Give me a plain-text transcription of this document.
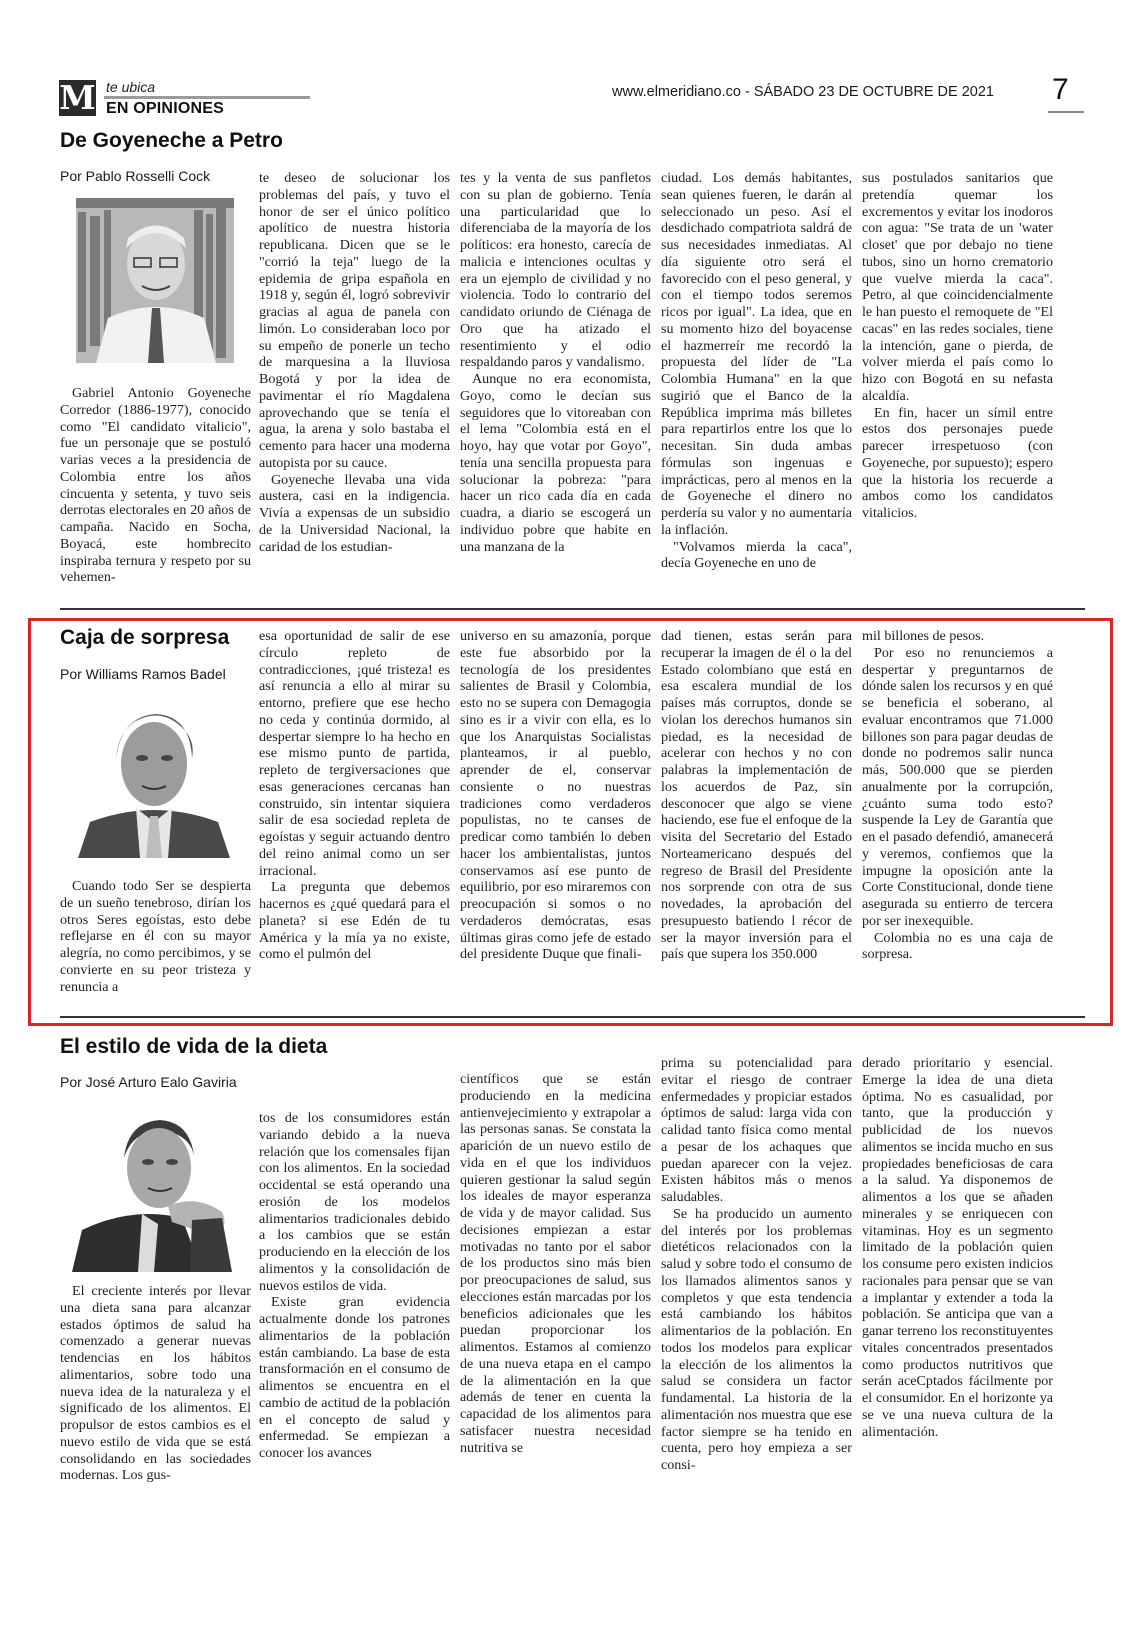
M te ubica
EN OPINIONES
www.elmeridiano.co - SÁBADO 23 DE OCTUBRE DE 2021 7
De Goyeneche a Petro
Por Pablo Rosselli Cock

Gabriel Antonio Goyeneche Corredor (1886-1977), conocido como "El candidato vitalicio", fue un personaje que se postuló varias veces a la presidencia de Colombia entre los años cincuenta y setenta, y tuvo seis derrotas electorales en 20 años de campaña. Nacido en Socha, Boyacá, este hombrecito inspiraba ternura y respeto por su vehemen-

te deseo de solucionar los problemas del país, y tuvo el honor de ser el único político apolítico de nuestra historia republicana. Dicen que se le "corrió la teja" luego de la epidemia de gripa española en 1918 y, según él, logró sobrevivir gracias al agua de panela con limón. Lo consideraban loco por su empeño de ponerle un techo de marquesina a la lluviosa Bogotá y por la idea de pavimentar el río Magdalena aprovechando que se tenía el agua, la arena y solo bastaba el cemento para hacer una moderna autopista por su cauce.

Goyeneche llevaba una vida austera, casi en la indigencia. Vivía a expensas de un subsidio de la Universidad Nacional, la caridad de los estudian-

tes y la venta de sus panfletos con su plan de gobierno. Tenía una particularidad que lo diferenciaba de la mayoría de los políticos: era honesto, carecía de malicia e intenciones ocultas y era un ejemplo de civilidad y no violencia. Todo lo contrario del candidato oriundo de Ciénaga de Oro que ha atizado el resentimiento y el odio respaldando paros y vandalismo.

Aunque no era economista, Goyo, como le decían sus seguidores que lo vitoreaban con el lema "Colombia está en el hoyo, hay que votar por Goyo", tenía una sencilla propuesta para solucionar la pobreza: "para hacer un rico cada día en cada cuadra, a diario se escogerá un individuo pobre que habite en una manzana de la

ciudad. Los demás habitantes, sean quienes fueren, le darán al seleccionado un peso. Así el desdichado compatriota saldrá de sus necesidades inmediatas. Al día siguiente otro será el favorecido con el peso general, y con el tiempo todos seremos ricos por igual". La idea, que en su momento hizo del boyacense el hazmerreír me recordó la propuesta del líder de "La Colombia Humana" en la que sugirió que el Banco de la República imprima más billetes para repartirlos entre los que lo necesitan. Sin duda ambas fórmulas son ingenuas e imprácticas, pero al menos en la de Goyeneche el dinero no perdería su valor y no aumentaría la inflación.

"Volvamos mierda la caca", decía Goyeneche en uno de

sus postulados sanitarios que pretendía quemar los excrementos y evitar los inodoros con agua: "Se trata de un 'water closet' que por debajo no tiene tubos, sino un horno crematorio que vuelve mierda la caca". Petro, al que coincidencialmente le han puesto el remoquete de "El cacas" en las redes sociales, tiene la intención, gane o pierda, de volver mierda el país como lo hizo con Bogotá en su nefasta alcaldía.

En fin, hacer un símil entre estos dos personajes puede parecer irrespetuoso (con Goyeneche, por supuesto); espero que la historia los recuerde a ambos como los candidatos vitalicios.

Caja de sorpresa
Por Williams Ramos Badel

Cuando todo Ser se despierta de un sueño tenebroso, dirían los otros Seres egoístas, esto debe reflejarse en él con su mayor alegría, no como percibimos, y se convierte en su peor tristeza y renuncia a

esa oportunidad de salir de ese círculo repleto de contradicciones, ¡qué tristeza! es así renuncia a ello al mirar su entorno, prefiere que ese hecho no ceda y continúa dormido, al despertar siempre lo ha hecho en ese mismo punto de partida, repleto de tergiversaciones que esas generaciones cercanas han construido, sin intentar siquiera salir de esa sociedad repleta de egoístas y seguir actuando dentro del reino animal como un ser irracional.

La pregunta que debemos hacernos es ¿qué quedará para el planeta? si ese Edén de tu América y la mía ya no existe, como el pulmón del

universo en su amazonía, porque este fue absorbido por la tecnología de los presidentes salientes de Brasil y Colombia, esto no se supera con Demagogia sino es ir a vivir con ella, es lo que los Anarquistas Socialistas planteamos, ir al pueblo, aprender de el, conservar consiente o no nuestras tradiciones como verdaderos populistas, no te canses de predicar como también lo deben hacer los ambientalistas, juntos conservamos así ese punto de equilibrio, por eso miraremos con preocupación si somos o no verdaderos demócratas, esas últimas giras como jefe de estado del presidente Duque que finali-

dad tienen, estas serán para recuperar la imagen de él o la del Estado colombiano que está en esa escalera mundial de los países más corruptos, donde se violan los derechos humanos sin piedad, es la necesidad de acelerar con hechos y no con palabras la implementación de los acuerdos de Paz, sin desconocer que algo se viene haciendo, ese fue el enfoque de la visita del Secretario del Estado Norteamericano después del regreso de Brasil del Presidente nos sorprende con otra de sus novedades, la aprobación del presupuesto batiendo l récor de ser la mayor inversión para el país que supera los 350.000

mil billones de pesos.

Por eso no renunciemos a despertar y preguntarnos de dónde salen los recursos y en qué se beneficia el soberano, al evaluar encontramos que 71.000 billones son para pagar deudas de donde no podremos salir nunca más, 500.000 que se pierden anualmente por la corrupción, ¿cuánto suma todo esto? suspende la Ley de Garantía que en el pasado defendió, amanecerá y veremos, confiemos que la impugne la oposición ante la Corte Constitucional, donde tiene asegurada su entierro de tercera por ser inexequible.

Colombia no es una caja de sorpresa.

El estilo de vida de la dieta
Por José Arturo Ealo Gaviria

El creciente interés por llevar una dieta sana para alcanzar estados óptimos de salud ha comenzado a generar nuevas tendencias en los hábitos alimentarios, sobre todo una nueva idea de la naturaleza y el significado de los alimentos. El propulsor de estos cambios es el nuevo estilo de vida que se está consolidando en las sociedades modernas. Los gus-

tos de los consumidores están variando debido a la nueva relación que los comensales fijan con los alimentos. En la sociedad occidental se está operando una erosión de los modelos alimentarios tradicionales debido a los cambios que se están produciendo en la elección de los alimentos y la consolidación de nuevos estilos de vida.

Existe gran evidencia actualmente donde los patrones alimentarios de la población están cambiando. La base de esta transformación en el consumo de alimentos se encuentra en el cambio de actitud de la población en el concepto de salud y enfermedad. Se empiezan a conocer los avances

científicos que se están produciendo en la medicina antienvejecimiento y extrapolar a las personas sanas. Se constata la aparición de un nuevo estilo de vida en el que los individuos quieren gestionar la salud según los ideales de mayor esperanza de vida y de mayor calidad. Sus decisiones empiezan a estar motivadas no tanto por el sabor de los productos sino más bien por preocupaciones de salud, sus elecciones están marcadas por los beneficios adicionales que les puedan proporcionar los alimentos. Estamos al comienzo de una nueva etapa en el campo de la alimentación en la que además de tener en cuenta la capacidad de los alimentos para satisfacer nuestra necesidad nutritiva se

prima su potencialidad para evitar el riesgo de contraer enfermedades y propiciar estados óptimos de salud: larga vida con calidad tanto física como mental a pesar de los achaques que puedan aparecer con la vejez. Existen hábitos más o menos saludables.

Se ha producido un aumento del interés por los problemas dietéticos relacionados con la salud y sobre todo el consumo de los llamados alimentos sanos y completos y que esta tendencia está cambiando los hábitos alimentarios de la población. En todos los modelos para explicar la elección de los alimentos la salud se considera un factor fundamental. La historia de la alimentación nos muestra que ese factor siempre se ha tenido en cuenta, pero hoy empieza a ser consi-

derado prioritario y esencial. Emerge la idea de una dieta óptima. No es casualidad, por tanto, que la producción y publicidad de los nuevos alimentos se incida mucho en sus propiedades beneficiosas de cara a la salud. Ya disponemos de alimentos a los que se añaden minerales y se enriquecen con vitaminas. Hoy es un segmento limitado de la población quien los consume pero existen indicios racionales para pensar que se van a implantar y extender a toda la población. Se anticipa que van a ganar terreno los reconstituyentes vitales concentrados presentados como productos nutritivos que serán aceCptados fácilmente por el consumidor. En el horizonte ya se ve una nueva cultura de la alimentación.
